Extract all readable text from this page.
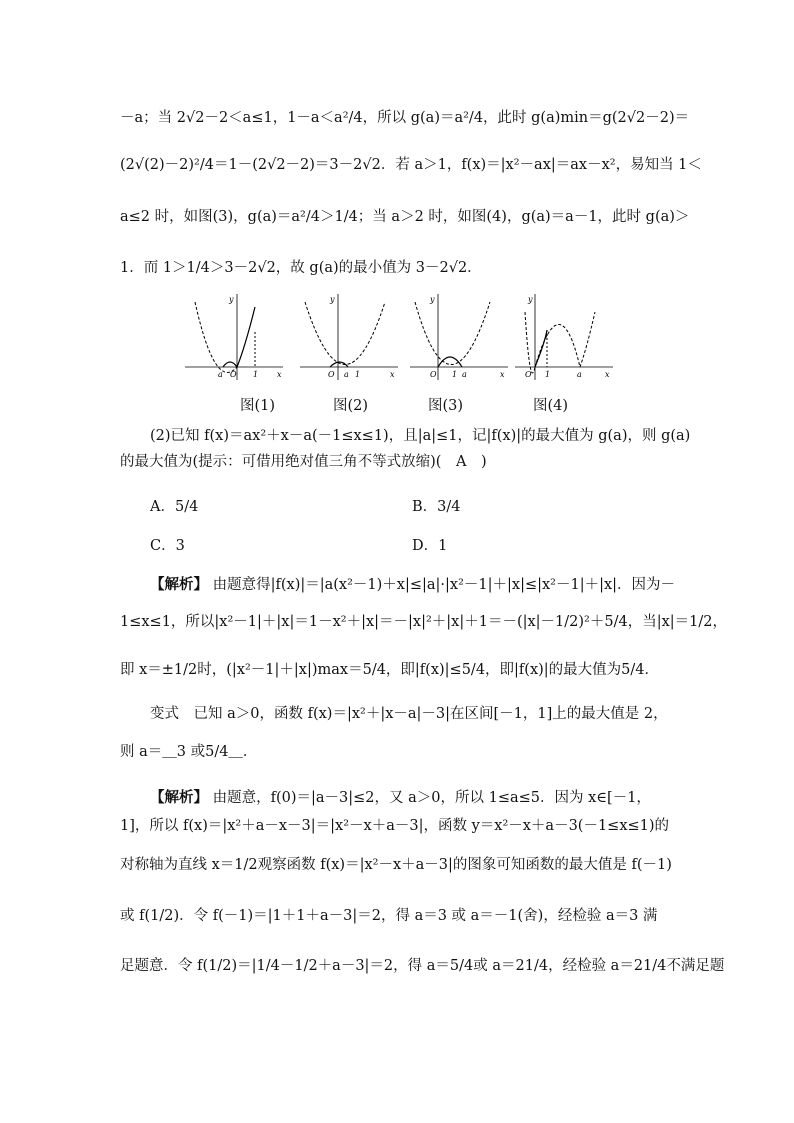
－a；当 2√2－2＜a≤1，1－a＜a²/4，所以 g(a)＝a²/4，此时 g(a)min＝g(2√2－2)＝
(2√(2)－2)²/4＝1－(2√2－2)＝3－2√2．若 a＞1，f(x)＝|x²－ax|＝ax－x²，易知当 1＜
a≤2 时，如图(3)，g(a)＝a²/4＞1/4；当 a＞2 时，如图(4)，g(a)＝a－1，此时 g(a)＞
1．而 1＞1/4＞3－2√2，故 g(a)的最小值为 3－2√2．
y
a O 1 x
y
O a 1	x
y
O 1 a	x
y
O 1	a	x
图(1)	图(2)	图(3)	图(4)
(2)已知 f(x)＝ax²＋x－a(－1≤x≤1)，且|a|≤1，记|f(x)|的最大值为 g(a)，则 g(a)
的最大值为(提示：可借用绝对值三角不等式放缩)(　A　)
A．5/4	B．3/4
C．3	D．1
【解析】 由题意得|f(x)|＝|a(x²－1)＋x|≤|a|·|x²－1|＋|x|≤|x²－1|＋|x|．因为－
1≤x≤1，所以|x²－1|＋|x|＝1－x²＋|x|＝－|x|²＋|x|＋1＝－(|x|－1/2)²＋5/4，当|x|＝1/2，
即 x＝±1/2时，(|x²－1|＋|x|)max＝5/4，即|f(x)|≤5/4，即|f(x)|的最大值为5/4．
变式　已知 a＞0，函数 f(x)＝|x²＋|x－a|－3|在区间[－1，1]上的最大值是 2，
则 a＝＿3 或5/4＿．
【解析】 由题意，f(0)＝|a－3|≤2，又 a＞0，所以 1≤a≤5．因为 x∈[－1，
1]，所以 f(x)＝|x²＋a－x－3|＝|x²－x＋a－3|，函数 y＝x²－x＋a－3(－1≤x≤1)的
对称轴为直线 x＝1/2观察函数 f(x)＝|x²－x＋a－3|的图象可知函数的最大值是 f(－1)
或 f(1/2)．令 f(－1)＝|1＋1＋a－3|＝2，得 a＝3 或 a＝－1(舍)，经检验 a＝3 满
足题意．令 f(1/2)＝|1/4－1/2＋a－3|＝2，得 a＝5/4或 a＝21/4，经检验 a＝21/4不满足题
